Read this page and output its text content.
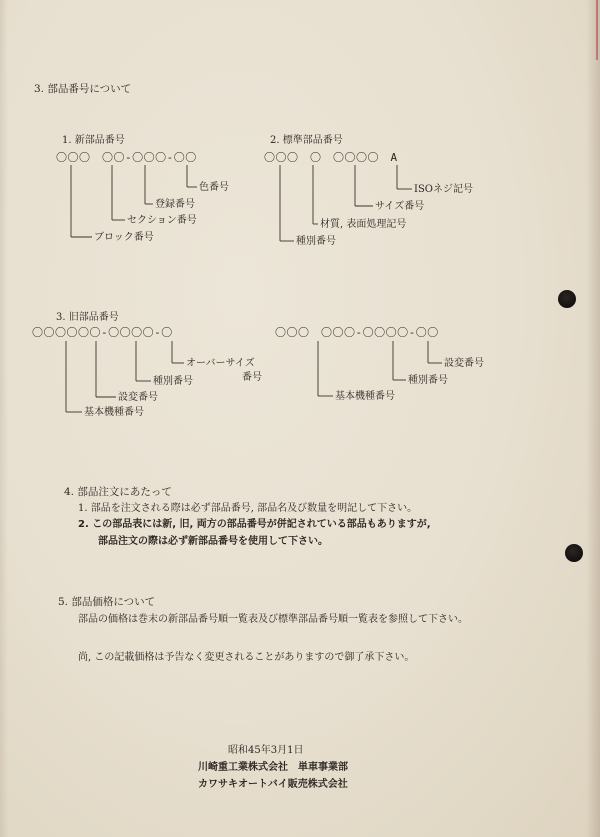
3. 部品番号について
1. 新部品番号
〇〇〇　〇〇-〇〇〇-〇〇
色番号
登録番号
セクション番号
ブロック番号
2. 標準部品番号
〇〇〇　〇　〇〇〇〇　A
ISOネジ記号
サイズ番号
材質, 表面処理記号
種別番号
3. 旧部品番号
〇〇〇〇〇〇-〇〇〇〇-〇
オーバーサイズ
番号
種別番号
設変番号
基本機種番号
〇〇〇　〇〇〇-〇〇〇〇-〇〇
設変番号
種別番号
基本機種番号
4. 部品注文にあたって
1. 部品を注文される際は必ず部品番号, 部品名及び数量を明記して下さい。
2. この部品表には新, 旧, 両方の部品番号が併記されている部品もありますが,
部品注文の際は必ず新部品番号を使用して下さい。
5. 部品価格について
部品の価格は巻末の新部品番号順一覧表及び標準部品番号順一覧表を参照して下さい。
尚, この記載価格は予告なく変更されることがありますので御了承下さい。
昭和45年3月1日
川崎重工業株式会社　単車事業部
カワサキオートバイ販売株式会社
